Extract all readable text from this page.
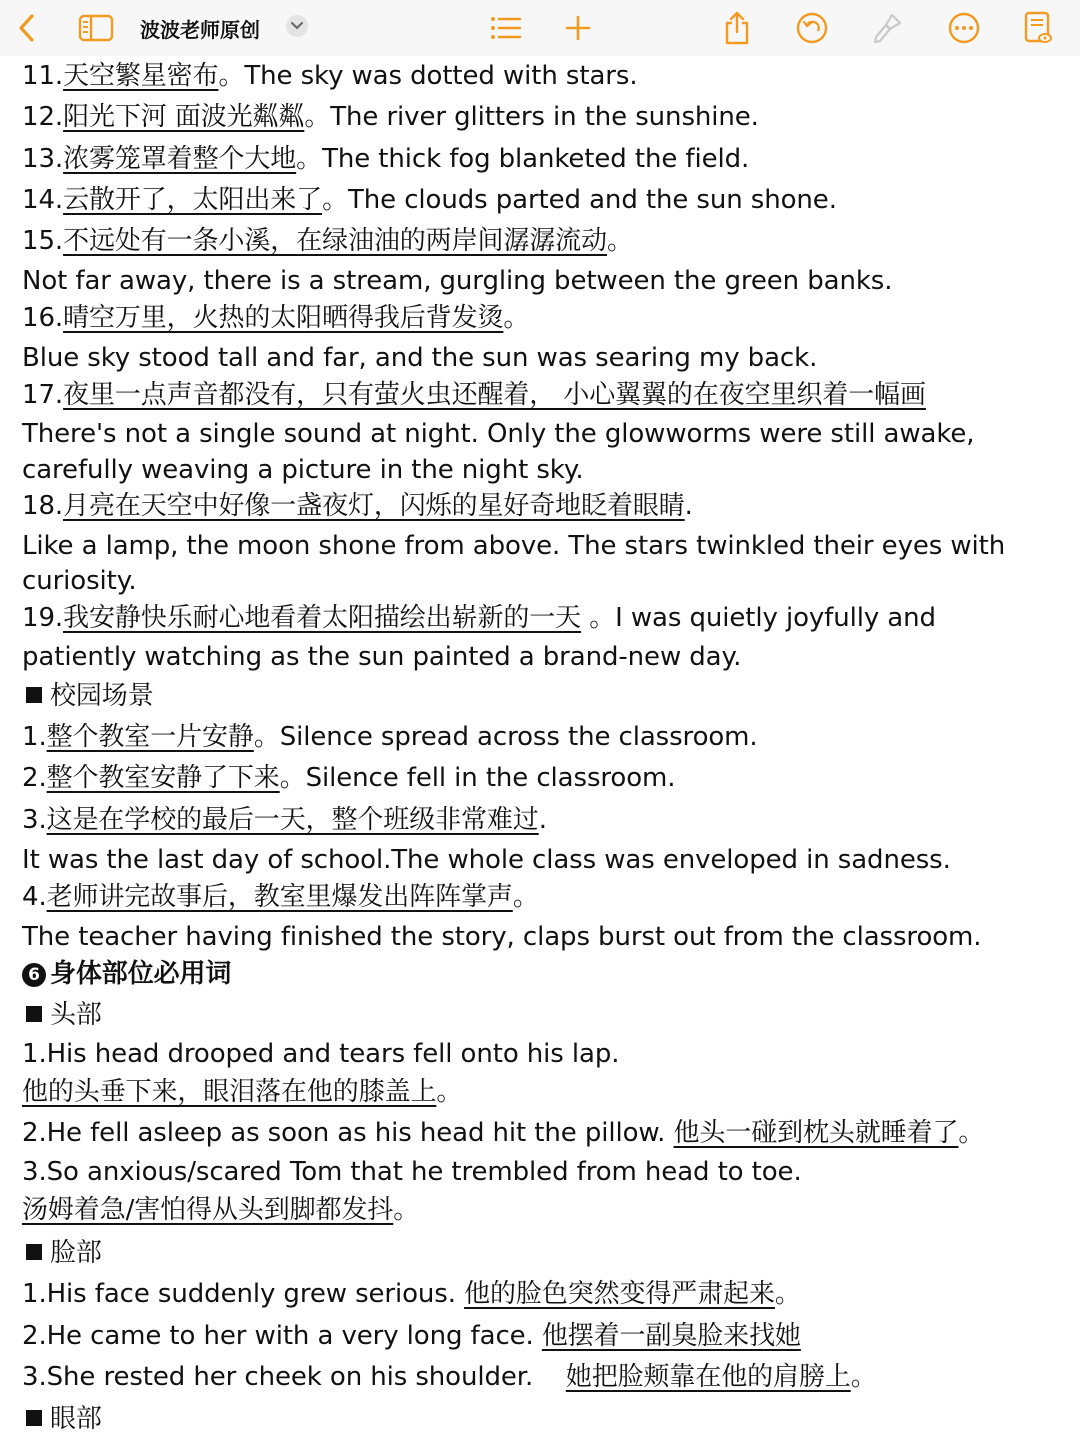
波波老师原创
11.天空繁星密布。The sky was dotted with stars.
12.阳光下河 面波光粼粼。The river glitters in the sunshine.
13.浓雾笼罩着整个大地。The thick fog blanketed the field.
14.云散开了，太阳出来了。The clouds parted and the sun shone.
15.不远处有一条小溪，在绿油油的两岸间潺潺流动。
Not far away, there is a stream, gurgling between the green banks.
16.晴空万里，火热的太阳晒得我后背发烫。
Blue sky stood tall and far, and the sun was searing my back.
17.夜里一点声音都没有，只有萤火虫还醒着， 小心翼翼的在夜空里织着一幅画
There's not a single sound at night. Only the glowworms were still awake,
carefully weaving a picture in the night sky.
18.月亮在天空中好像一盏夜灯，闪烁的星好奇地眨着眼睛.
Like a lamp, the moon shone from above. The stars twinkled their eyes with
curiosity.
19.我安静快乐耐心地看着太阳描绘出崭新的一天 。I was quietly joyfully and
patiently watching as the sun painted a brand-new day.
校园场景
1.整个教室一片安静。Silence spread across the classroom.
2.整个教室安静了下来。Silence fell in the classroom.
3.这是在学校的最后一天，整个班级非常难过.
It was the last day of school.The whole class was enveloped in sadness.
4.老师讲完故事后，教室里爆发出阵阵掌声。
The teacher having finished the story, claps burst out from the classroom.
6 身体部位必用词
头部
1.His head drooped and tears fell onto his lap.
他的头垂下来，眼泪落在他的膝盖上。
2.He fell asleep as soon as his head hit the pillow. 他头一碰到枕头就睡着了。
3.So anxious/scared Tom that he trembled from head to toe.
汤姆着急/害怕得从头到脚都发抖。
脸部
1.His face suddenly grew serious. 他的脸色突然变得严肃起来。
2.He came to her with a very long face. 他摆着一副臭脸来找她
3.She rested her cheek on his shoulder.    她把脸颊靠在他的肩膀上。
眼部
